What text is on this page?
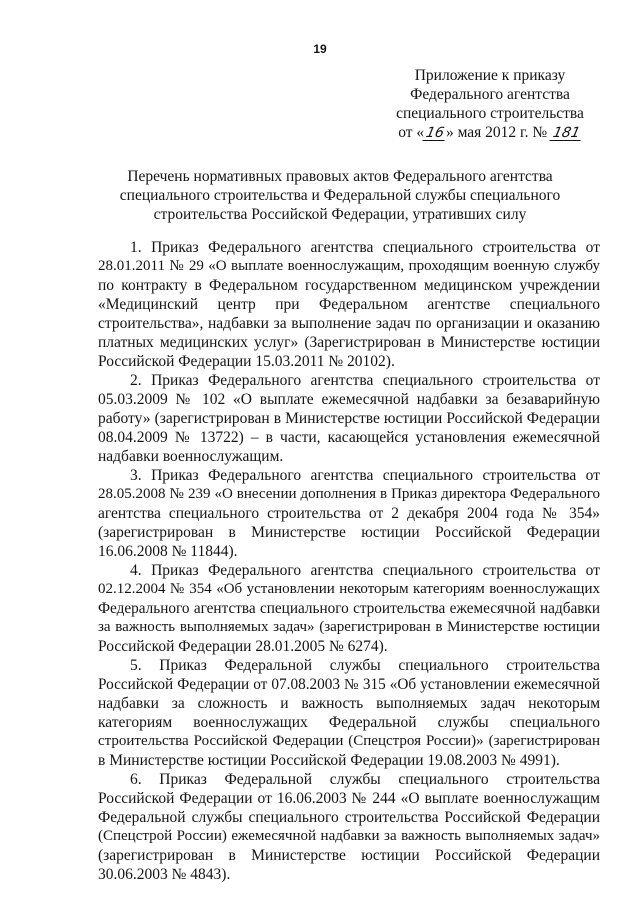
19
Приложение к приказу
Федерального агентства
специального строительства
от «16» мая 2012 г. № 181
Перечень нормативных правовых актов Федерального агентства
специального строительства и Федеральной службы специального
строительства Российской Федерации, утративших силу
1. Приказ Федерального агентства специального строительства от
28.01.2011 № 29 «О выплате военнослужащим, проходящим военную службу
по контракту в Федеральном государственном медицинском учреждении
«Медицинский центр при Федеральном агентстве специального
строительства», надбавки за выполнение задач по организации и оказанию
платных медицинских услуг» (Зарегистрирован в Министерстве юстиции
Российской Федерации 15.03.2011 № 20102).
2. Приказ Федерального агентства специального строительства от
05.03.2009 № 102 «О выплате ежемесячной надбавки за безаварийную
работу» (зарегистрирован в Министерстве юстиции Российской Федерации
08.04.2009 № 13722) – в части, касающейся установления ежемесячной
надбавки военнослужащим.
3. Приказ Федерального агентства специального строительства от
28.05.2008 № 239 «О внесении дополнения в Приказ директора Федерального
агентства специального строительства от 2 декабря 2004 года № 354»
(зарегистрирован в Министерстве юстиции Российской Федерации
16.06.2008 № 11844).
4. Приказ Федерального агентства специального строительства от
02.12.2004 № 354 «Об установлении некоторым категориям военнослужащих
Федерального агентства специального строительства ежемесячной надбавки
за важность выполняемых задач» (зарегистрирован в Министерстве юстиции
Российской Федерации 28.01.2005 № 6274).
5. Приказ Федеральной службы специального строительства
Российской Федерации от 07.08.2003 № 315 «Об установлении ежемесячной
надбавки за сложность и важность выполняемых задач некоторым
категориям военнослужащих Федеральной службы специального
строительства Российской Федерации (Спецстроя России)» (зарегистрирован
в Министерстве юстиции Российской Федерации 19.08.2003 № 4991).
6. Приказ Федеральной службы специального строительства
Российской Федерации от 16.06.2003 № 244 «О выплате военнослужащим
Федеральной службы специального строительства Российской Федерации
(Спецстрой России) ежемесячной надбавки за важность выполняемых задач»
(зарегистрирован в Министерстве юстиции Российской Федерации
30.06.2003 № 4843).
